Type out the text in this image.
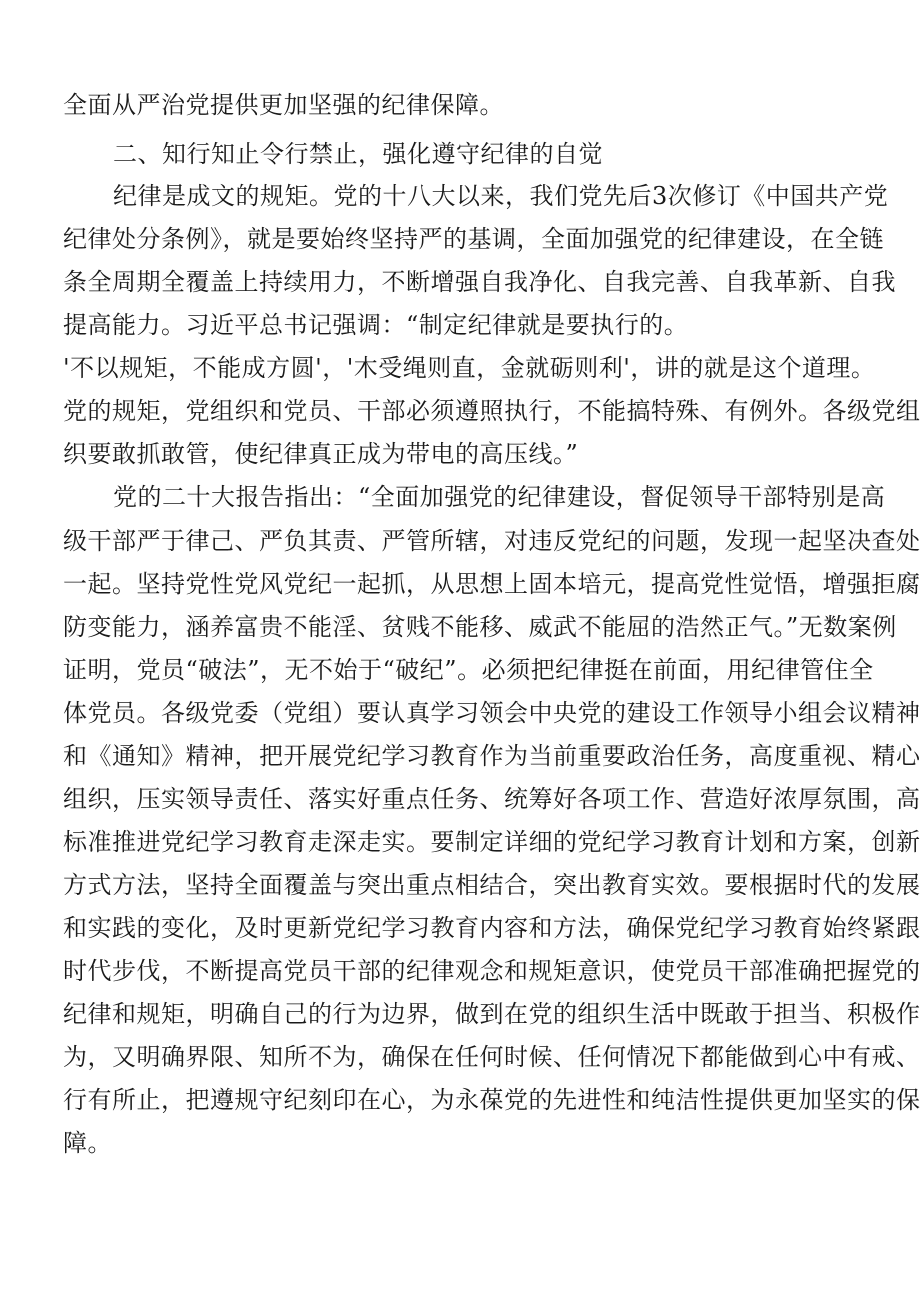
全面从严治党提供更加坚强的纪律保障。
二、知行知止令行禁止，强化遵守纪律的自觉
纪律是成文的规矩。党的十八大以来，我们党先后3次修订《中国共产党
纪律处分条例》，就是要始终坚持严的基调，全面加强党的纪律建设，在全链
条全周期全覆盖上持续用力，不断增强自我净化、自我完善、自我革新、自我
提高能力。习近平总书记强调：“制定纪律就是要执行的。
'不以规矩，不能成方圆'，'木受绳则直，金就砺则利'，讲的就是这个道理。
党的规矩，党组织和党员、干部必须遵照执行，不能搞特殊、有例外。各级党组
织要敢抓敢管，使纪律真正成为带电的高压线。”
党的二十大报告指出：“全面加强党的纪律建设，督促领导干部特别是高
级干部严于律己、严负其责、严管所辖，对违反党纪的问题，发现一起坚决查处
一起。坚持党性党风党纪一起抓，从思想上固本培元，提高党性觉悟，增强拒腐
防变能力，涵养富贵不能淫、贫贱不能移、威武不能屈的浩然正气。”无数案例
证明，党员“破法”，无不始于“破纪”。必须把纪律挺在前面，用纪律管住全
体党员。各级党委（党组）要认真学习领会中央党的建设工作领导小组会议精神
和《通知》精神，把开展党纪学习教育作为当前重要政治任务，高度重视、精心
组织，压实领导责任、落实好重点任务、统筹好各项工作、营造好浓厚氛围，高
标准推进党纪学习教育走深走实。要制定详细的党纪学习教育计划和方案，创新
方式方法，坚持全面覆盖与突出重点相结合，突出教育实效。要根据时代的发展
和实践的变化，及时更新党纪学习教育内容和方法，确保党纪学习教育始终紧跟
时代步伐，不断提高党员干部的纪律观念和规矩意识，使党员干部准确把握党的
纪律和规矩，明确自己的行为边界，做到在党的组织生活中既敢于担当、积极作
为，又明确界限、知所不为，确保在任何时候、任何情况下都能做到心中有戒、
行有所止，把遵规守纪刻印在心，为永葆党的先进性和纯洁性提供更加坚实的保
障。
